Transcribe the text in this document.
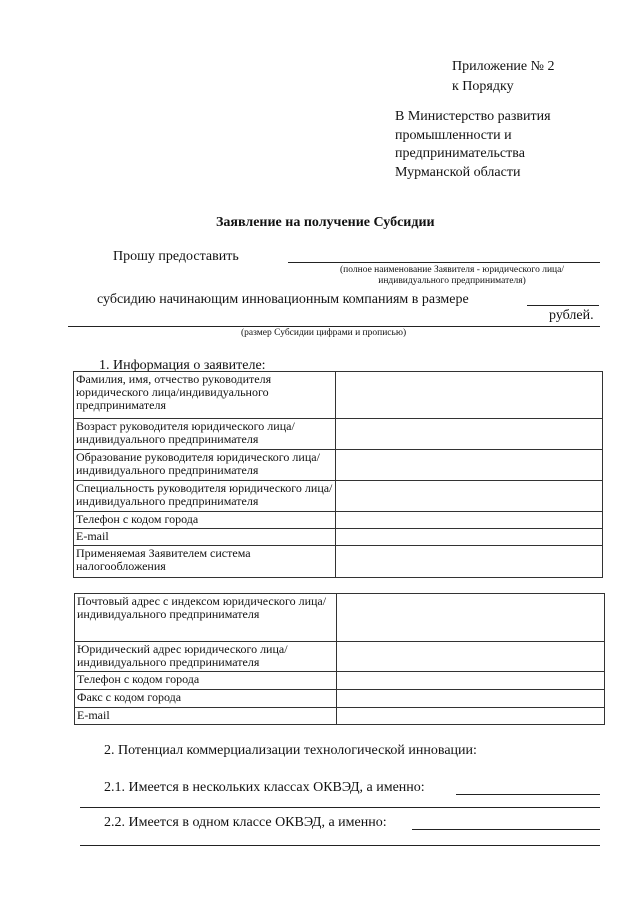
Приложение № 2
к Порядку
В Министерство развития
промышленности и
предпринимательства
Мурманской области
Заявление на получение Субсидии
Прошу предоставить
(полное наименование Заявителя - юридического лица/
индивидуального предпринимателя)
субсидию начинающим инновационным компаниям в размере
рублей.
(размер Субсидии цифрами и прописью)
1. Информация о заявителе:
Фамилия, имя, отчество руководителя юридического лица/индивидуального предпринимателя	
Возраст руководителя юридического лица/ индивидуального предпринимателя	
Образование руководителя юридического лица/индивидуального предпринимателя	
Специальность руководителя юридического лица/индивидуального предпринимателя	
Телефон с кодом города	
E-mail	
Применяемая Заявителем система налогообложения	
Почтовый адрес с индексом юридического лица/индивидуального предпринимателя	
Юридический адрес юридического лица/ индивидуального предпринимателя	
Телефон с кодом города	
Факс с кодом города	
E-mail	
2. Потенциал коммерциализации технологической инновации:
2.1. Имеется в нескольких классах ОКВЭД, а именно:
2.2. Имеется в одном классе ОКВЭД, а именно:
